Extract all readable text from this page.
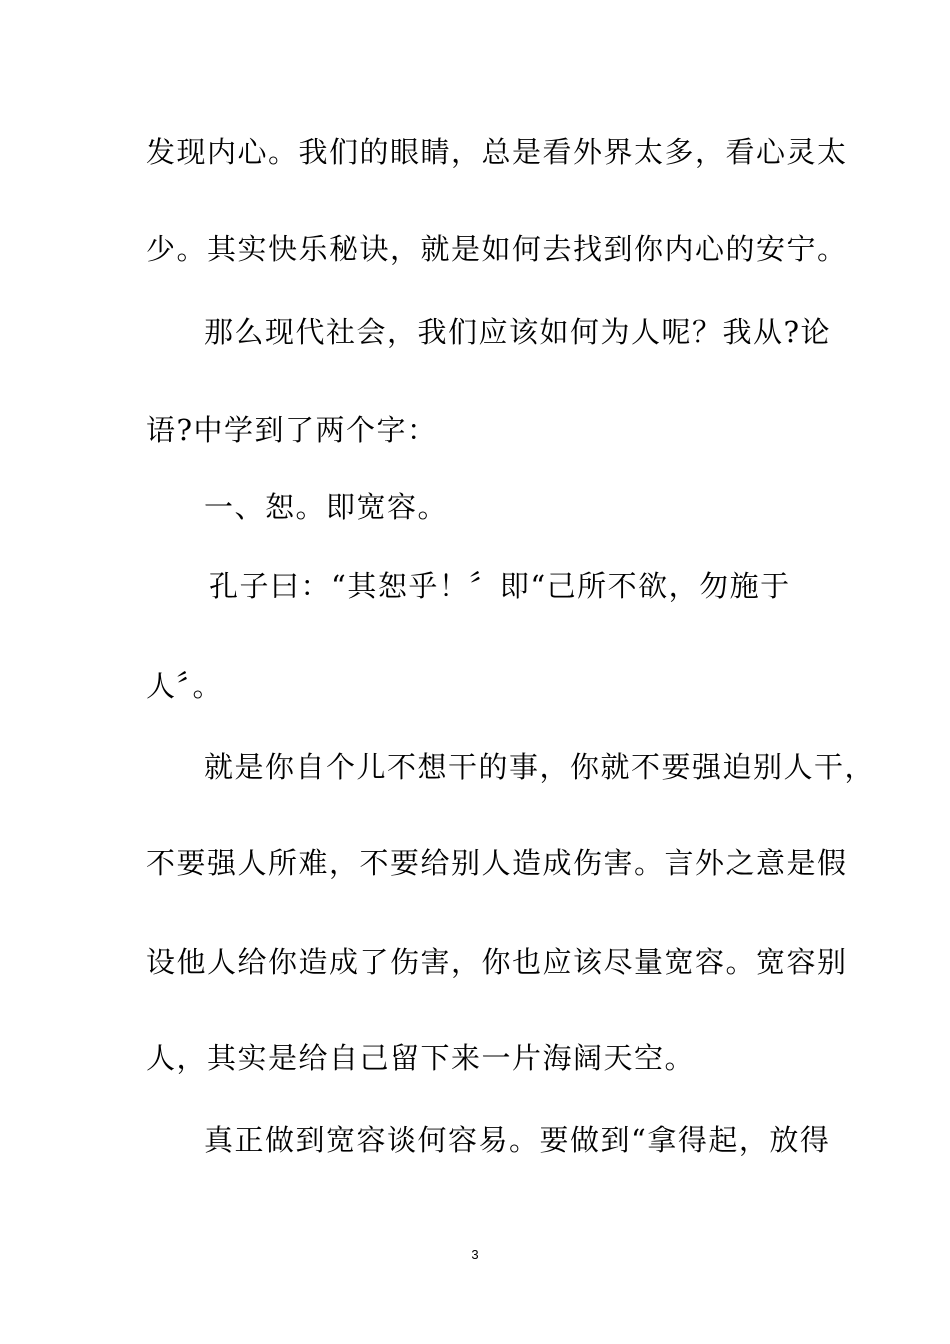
发现内心。我们的眼睛，总是看外界太多，看心灵太
少。其实快乐秘诀，就是如何去找到你内心的安宁。
那么现代社会，我们应该如何为人呢？我从?论
语?中学到了两个字：
一、恕。即宽容。
孔子曰：“其恕乎！〞即“己所不欲，勿施于
人〞。
就是你自个儿不想干的事，你就不要强迫别人干，
不要强人所难，不要给别人造成伤害。言外之意是假
设他人给你造成了伤害，你也应该尽量宽容。宽容别
人，其实是给自己留下来一片海阔天空。
真正做到宽容谈何容易。要做到“拿得起，放得
3
